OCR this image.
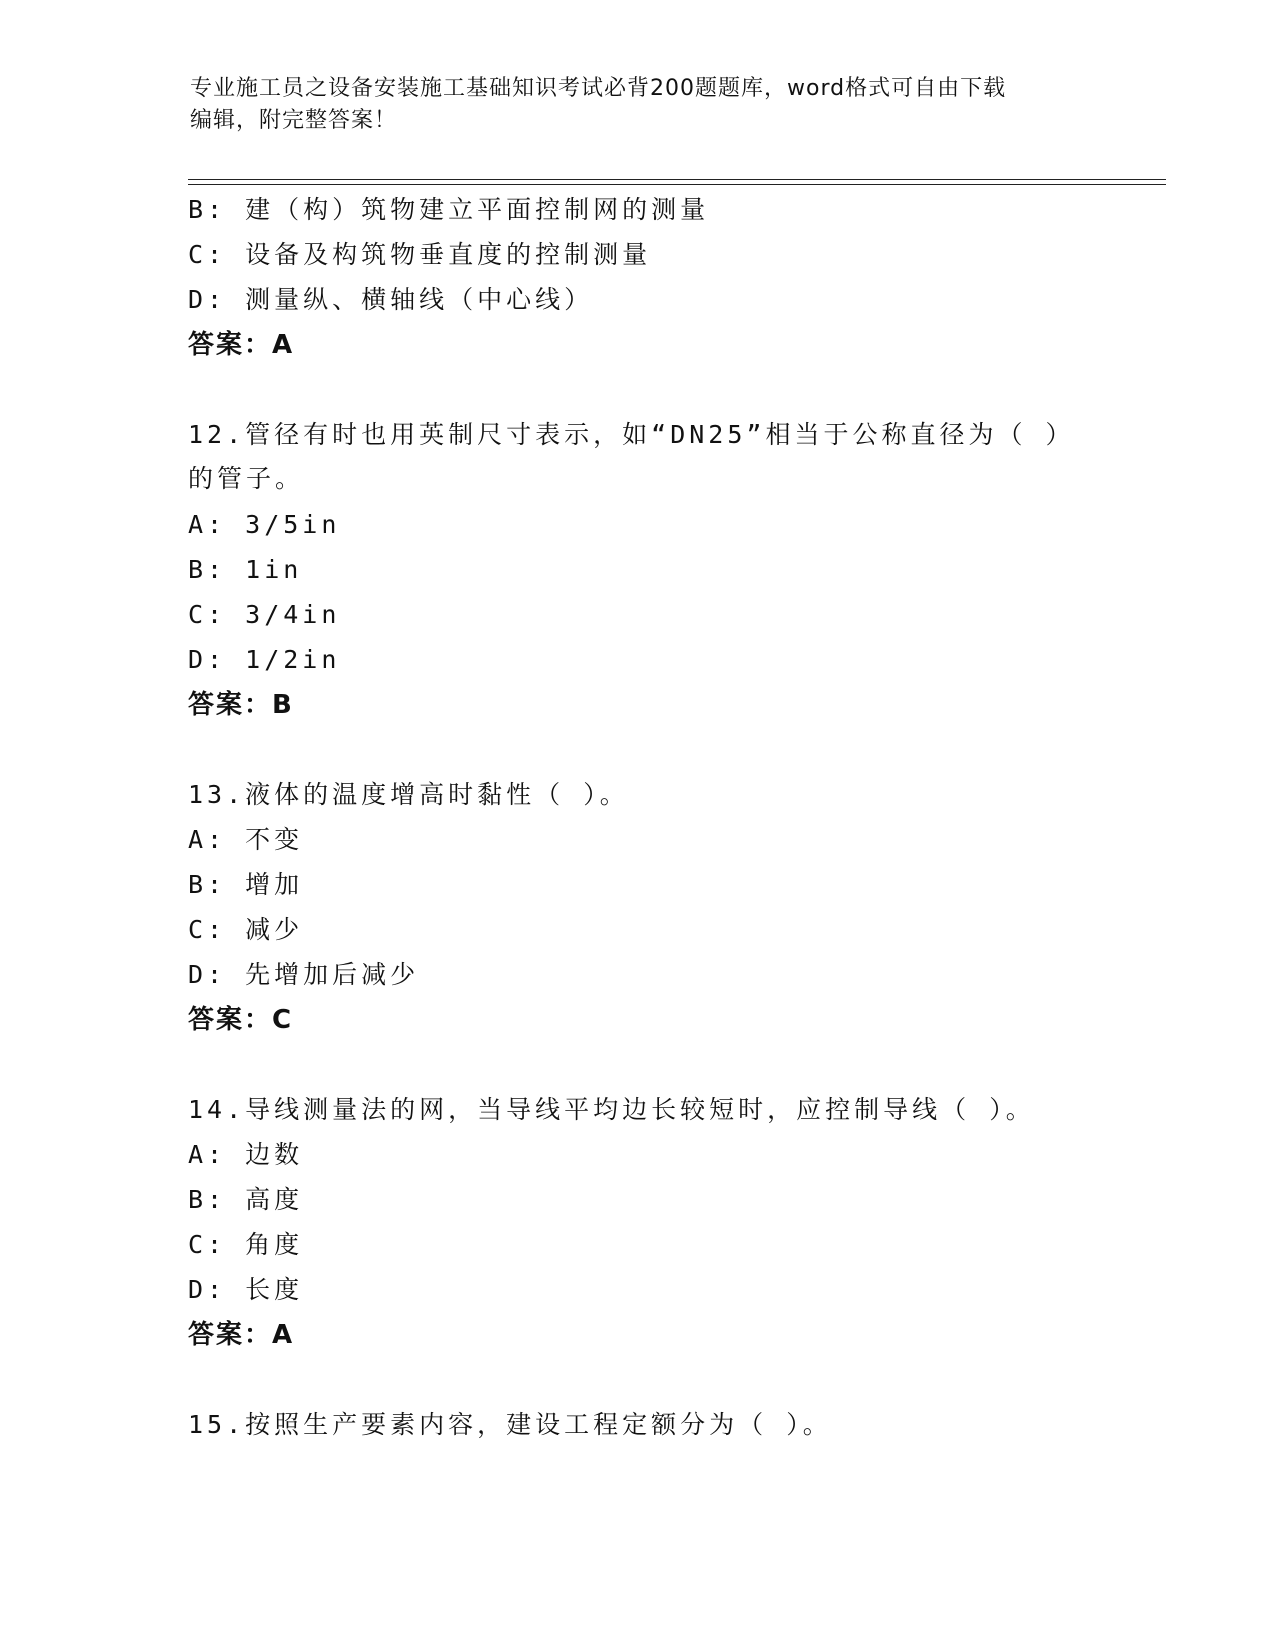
专业施工员之设备安装施工基础知识考试必背200题题库，word格式可自由下载
编辑，附完整答案！
B: 建（构）筑物建立平面控制网的测量
C: 设备及构筑物垂直度的控制测量
D: 测量纵、横轴线（中心线）
答案：A
12.管径有时也用英制尺寸表示，如“DN25”相当于公称直径为（ ）
的管子。
A: 3/5in
B: 1in
C: 3/4in
D: 1/2in
答案：B
13.液体的温度增高时黏性（ ）。
A: 不变
B: 增加
C: 减少
D: 先增加后减少
答案：C
14.导线测量法的网，当导线平均边长较短时，应控制导线（ ）。
A: 边数
B: 高度
C: 角度
D: 长度
答案：A
15.按照生产要素内容，建设工程定额分为（ ）。
